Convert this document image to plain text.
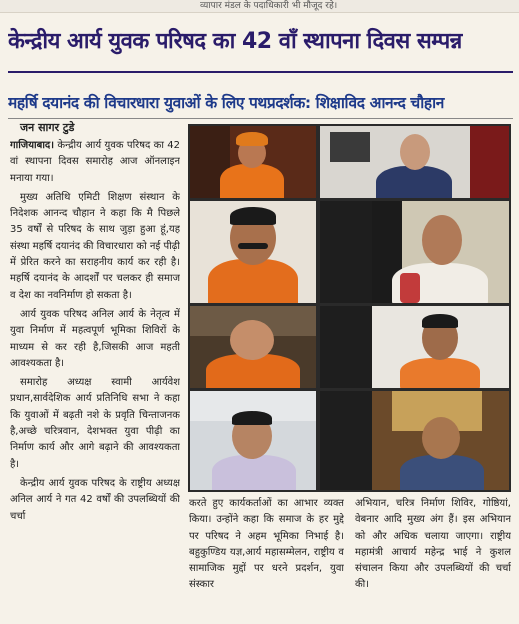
व्यापार मंडल के पदाधिकारी भी मौजूद रहे।
केन्द्रीय आर्य युवक परिषद का 42 वाँ स्थापना दिवस सम्पन्न
महर्षि दयानंद की विचारधारा युवाओं के लिए पथप्रदर्शक: शिक्षाविद आनन्द चौहान
जन सागर टुडे

गाजियाबाद। केन्द्रीय आर्य युवक परिषद का 42 वां स्थापना दिवस समारोह आज ऑनलाइन मनाया गया।

मुख्य अतिथि एमिटी शिक्षण संस्थान के निदेशक आनन्द चौहान ने कहा कि मै पिछले 35 वर्षों से परिषद के साथ जुड़ा हुआ हूं,यह संस्था महर्षि दयानंद की विचारधारा को नई पीढ़ी में प्रेरित करने का सराहनीय कार्य कर रही है। महर्षि दयानंद के आदर्शों पर चलकर ही समाज व देश का नवनिर्माण हो सकता है।

आर्य युवक परिषद अनिल आर्य के नेतृत्व में युवा निर्माण में महत्वपूर्ण भूमिका शिविरों के माध्यम से कर रही है,जिसकी आज महती आवश्यकता है।

समारोह अध्यक्ष स्वामी आर्यवेश प्रधान,सार्वदेशिक आर्य प्रतिनिधि सभा ने कहा कि युवाओं में बढ़ती नशे के प्रवृति चिन्ताजनक है,अच्छे चरित्रवान, देशभक्त युवा पीढ़ी का निर्माण कार्य और आगे बढ़ाने की आवश्यकता है।

केन्द्रीय आर्य युवक परिषद के राष्ट्रीय अध्यक्ष अनिल आर्य ने गत 42 वर्षों की उपलब्धियों की चर्चा

करते हुए कार्यकर्ताओं का आभार व्यक्त किया। उन्होंने कहा कि समाज के हर मुद्दे पर परिषद ने अहम भूमिका निभाई है। बहुकुण्डिय यज्ञ,आर्य महासम्मेलन, राष्ट्रीय व सामाजिक मुद्दों पर धरने प्रदर्शन, युवा संस्कार

अभियान, चरित्र निर्माण शिविर, गोष्ठियां, वेबनार आदि मुख्य अंग हैं। इस अभियान को और अधिक चलाया जाएगा। राष्ट्रीय महामंत्री आचार्य महेन्द्र भाई ने कुशल संचालन किया और उपलब्धियों की चर्चा की।
